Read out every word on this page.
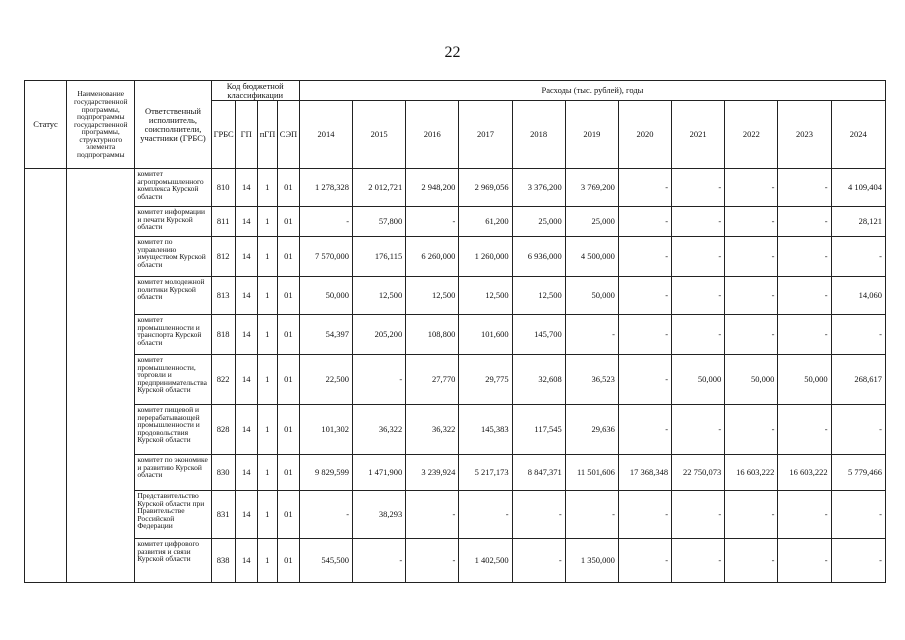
22
Статус	Наименование государственной программы, подпрограммы государственной программы, структурного элемента подпрограммы	Ответственный исполнитель, соисполнители, участники (ГРБС)	Код бюджетной классификации				Расходы (тыс. рублей), годы										
			ГРБС	ГП	пГП	СЭП	2014	2015	2016	2017	2018	2019	2020	2021	2022	2023	2024
		комитет агропромышленного комплекса Курской области	810	14	1	01	1 278,328	2 012,721	2 948,200	2 969,056	3 376,200	3 769,200	-	-	-	-	4 109,404
		комитет информации и печати Курской области	811	14	1	01	-	57,800	-	61,200	25,000	25,000	-	-	-	-	28,121
		комитет по управлению имуществом Курской области	812	14	1	01	7 570,000	176,115	6 260,000	1 260,000	6 936,000	4 500,000	-	-	-	-	-
		комитет молодежной политики Курской области	813	14	1	01	50,000	12,500	12,500	12,500	12,500	50,000	-	-	-	-	14,060
		комитет промышленности и транспорта Курской области	818	14	1	01	54,397	205,200	108,800	101,600	145,700	-	-	-	-	-	-
		комитет промышленности, торговли и предпринимательства Курской области	822	14	1	01	22,500	-	27,770	29,775	32,608	36,523	-	50,000	50,000	50,000	268,617
		комитет пищевой и перерабатывающей промышленности и продовольствия Курской области	828	14	1	01	101,302	36,322	36,322	145,383	117,545	29,636	-	-	-	-	-
		комитет по экономике и развитию Курской области	830	14	1	01	9 829,599	1 471,900	3 239,924	5 217,173	8 847,371	11 501,606	17 368,348	22 750,073	16 603,222	16 603,222	5 779,466
		Представительство Курской области при Правительстве Российской Федерации	831	14	1	01	-	38,293	-	-	-	-	-	-	-	-	-
		комитет цифрового развития и связи Курской области	838	14	1	01	545,500	-	-	1 402,500	-	1 350,000	-	-	-	-	-
